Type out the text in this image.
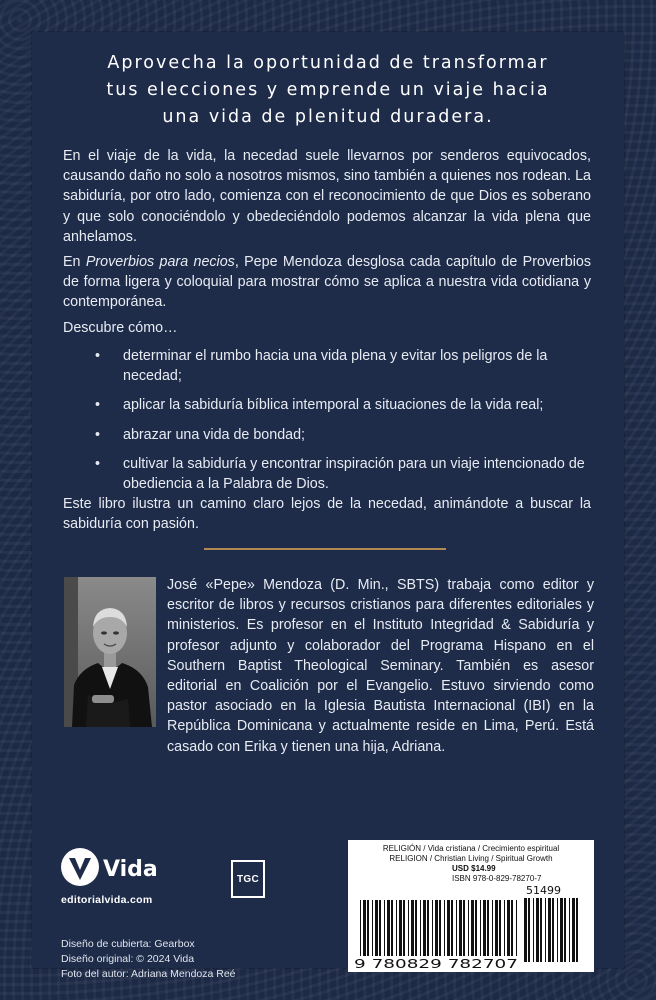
Aprovecha la oportunidad de transformar
tus elecciones y emprende un viaje hacia
una vida de plenitud duradera.

En el viaje de la vida, la necedad suele llevarnos por senderos equivocados, causando daño no solo a nosotros mismos, sino también a quienes nos rodean. La sabiduría, por otro lado, comienza con el reconocimiento de que Dios es soberano y que solo conociéndolo y obedeciéndolo podemos alcanzar la vida plena que anhelamos.

En Proverbios para necios, Pepe Mendoza desglosa cada capítulo de Proverbios de forma ligera y coloquial para mostrar cómo se aplica a nuestra vida cotidiana y contemporánea.

Descubre cómo…

• determinar el rumbo hacia una vida plena y evitar los peligros de la necedad;
• aplicar la sabiduría bíblica intemporal a situaciones de la vida real;
• abrazar una vida de bondad;
• cultivar la sabiduría y encontrar inspiración para un viaje intencionado de obediencia a la Palabra de Dios.

Este libro ilustra un camino claro lejos de la necedad, animándote a buscar la sabiduría con pasión.

José «Pepe» Mendoza (D. Min., SBTS) trabaja como editor y escritor de libros y recursos cristianos para diferentes editoriales y ministerios. Es profesor en el Instituto Integridad & Sabiduría y profesor adjunto y colaborador del Programa Hispano en el Southern Baptist Theological Seminary. También es asesor editorial en Coalición por el Evangelio. Estuvo sirviendo como pastor asociado en la Iglesia Bautista Internacional (IBI) en la República Dominicana y actualmente reside en Lima, Perú. Está casado con Erika y tienen una hija, Adriana.

Vida
editorialvida.com
TGC

Diseño de cubierta: Gearbox
Diseño original: © 2024 Vida
Foto del autor: Adriana Mendoza Reé

RELIGIÓN / Vida cristiana / Crecimiento espiritual

RELIGION / Christian Living / Spiritual Growth

USD $14.99

ISBN 978-0-829-78270-7

51499
9 780829 782707
